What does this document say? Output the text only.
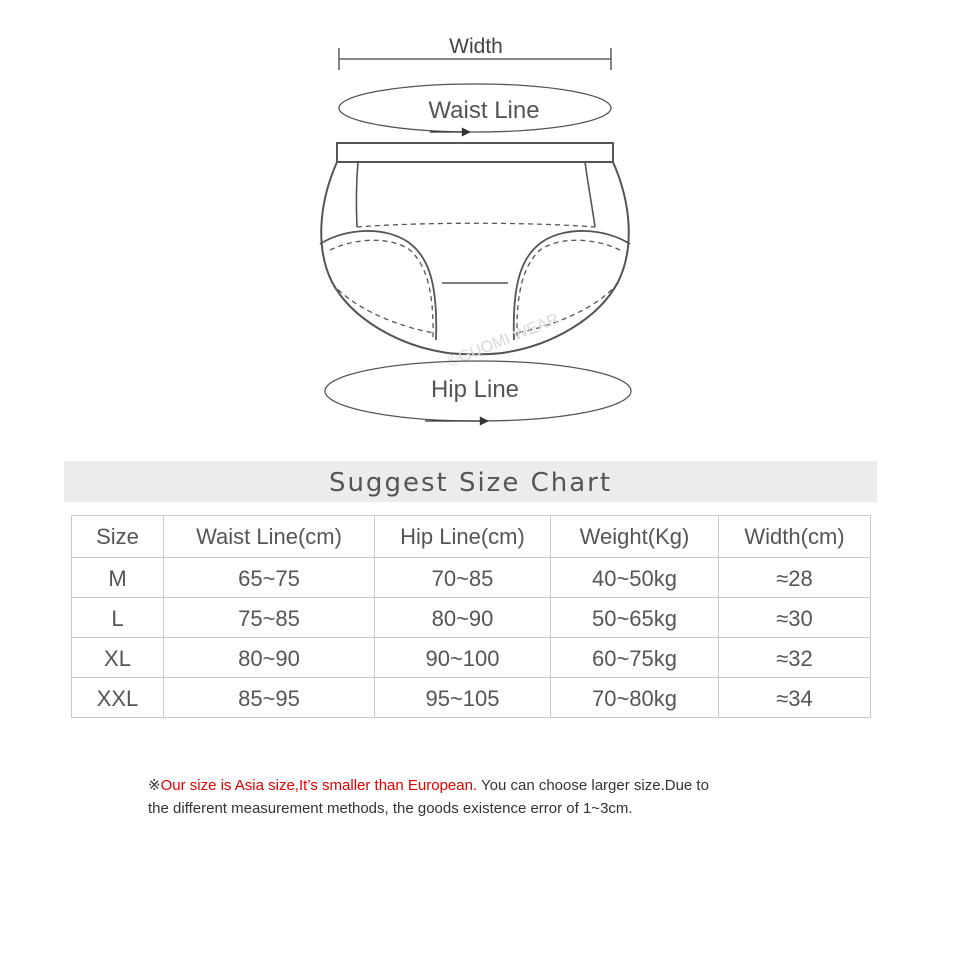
Width
Waist Line
©GUOMI WEAR
Hip Line
Suggest Size Chart
Size	Waist Line(cm)	Hip Line(cm)	Weight(Kg)	Width(cm)
M	65~75	70~85	40~50kg	≈28
L	75~85	80~90	50~65kg	≈30
XL	80~90	90~100	60~75kg	≈32
XXL	85~95	95~105	70~80kg	≈34
※Our size is Asia size,It’s smaller than European. You can choose larger size.Due to
the different measurement methods, the goods existence error of 1~3cm.
